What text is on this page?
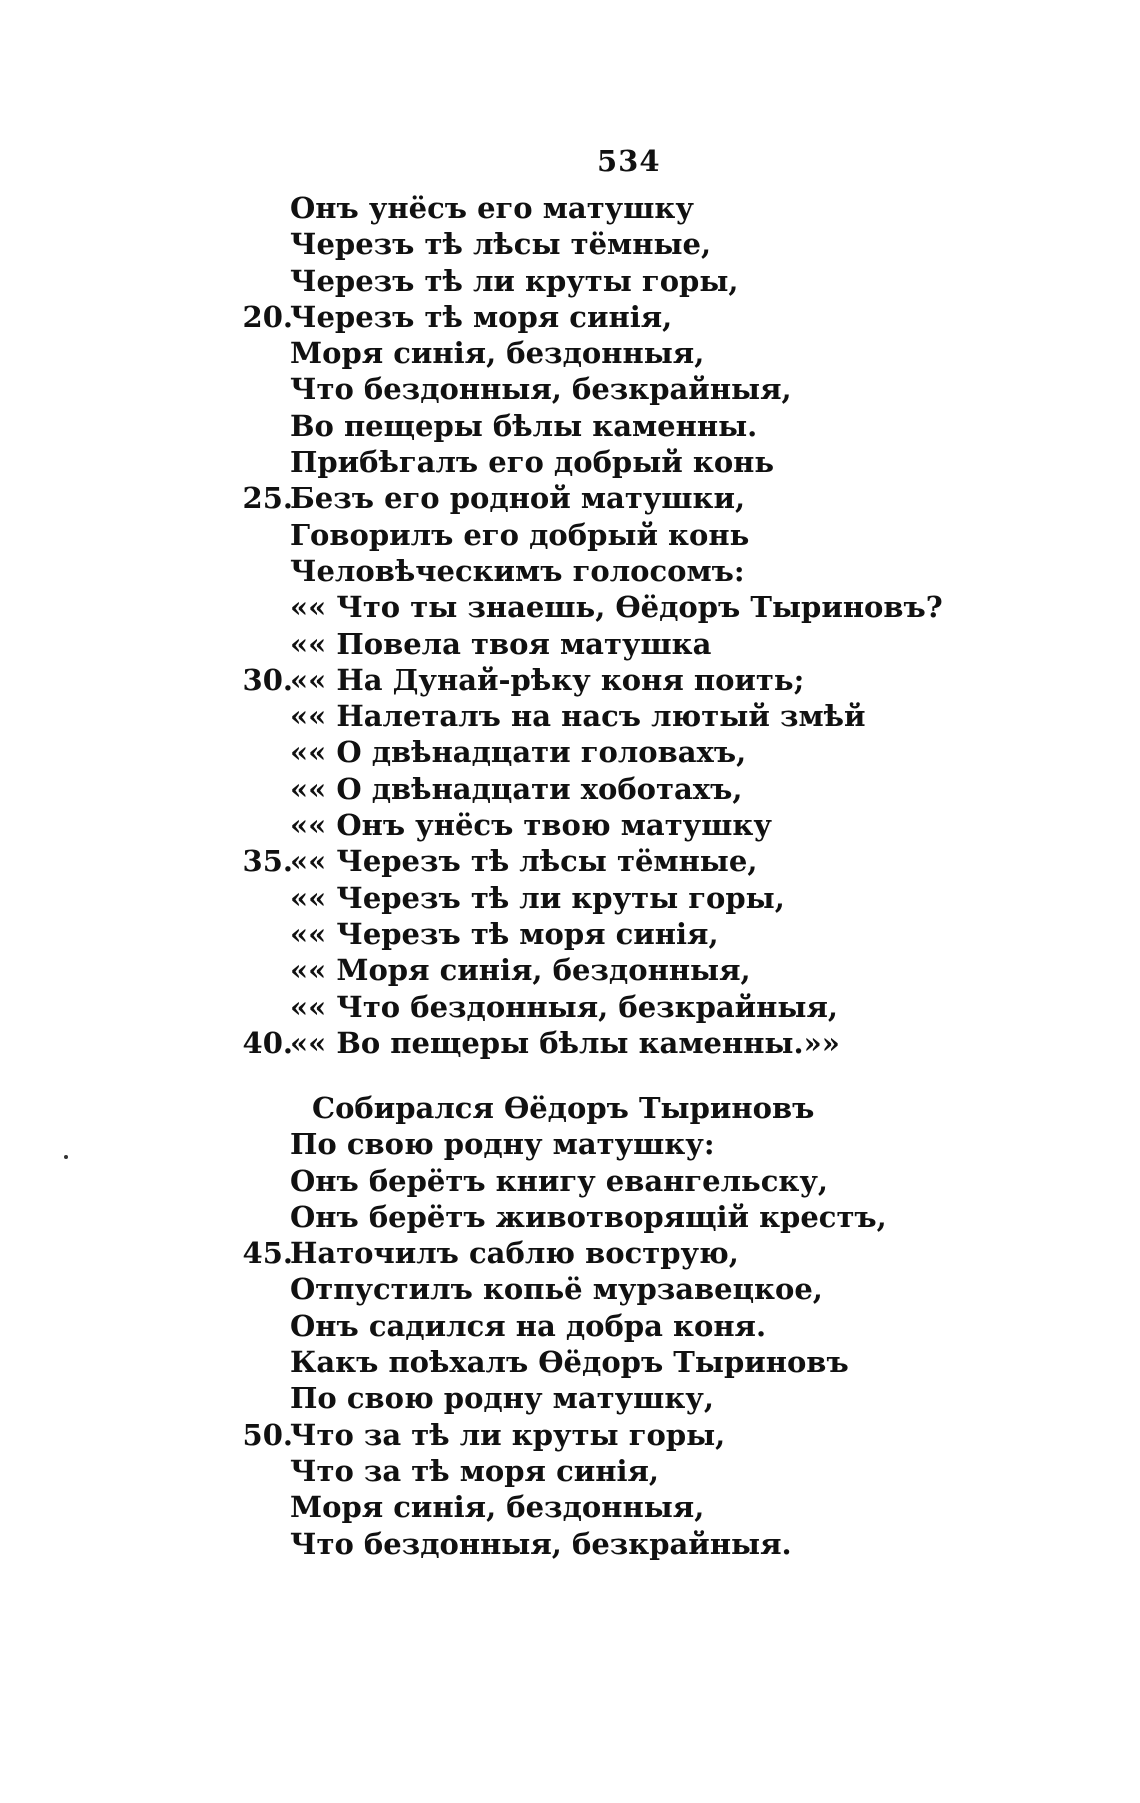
534
Онъ унёсъ его матушку
Черезъ тѣ лѣсы тёмные,
Черезъ тѣ ли круты горы,
20.
Черезъ тѣ моря синія,
Моря синія, бездонныя,
Что бездонныя, безкрайныя,
Во пещеры бѣлы каменны.
Прибѣгалъ его добрый конь
25.
Безъ его родной матушки,
Говорилъ его добрый конь
Человѣческимъ голосомъ:
«« Что ты знаешь, Ѳёдоръ Тыриновъ?
«« Повела твоя матушка
30.
«« На Дунай-рѣку коня поить;
«« Налеталъ на насъ лютый змѣй
«« О двѣнадцати головахъ,
«« О двѣнадцати хоботахъ,
«« Онъ унёсъ твою матушку
35.
«« Черезъ тѣ лѣсы тёмные,
«« Черезъ тѣ ли круты горы,
«« Черезъ тѣ моря синія,
«« Моря синія, бездонныя,
«« Что бездонныя, безкрайныя,
40.
«« Во пещеры бѣлы каменны.»»
Собирался Ѳёдоръ Тыриновъ
По свою родну матушку:
Онъ берётъ книгу евангельску,
Онъ берётъ животворящій крестъ,
45.
Наточилъ саблю вострую,
Отпустилъ копьё мурзавецкое,
Онъ садился на добра коня.
Какъ поѣхалъ Ѳёдоръ Тыриновъ
По свою родну матушку,
50.
Что за тѣ ли круты горы,
Что за тѣ моря синія,
Моря синія, бездонныя,
Что бездонныя, безкрайныя.
